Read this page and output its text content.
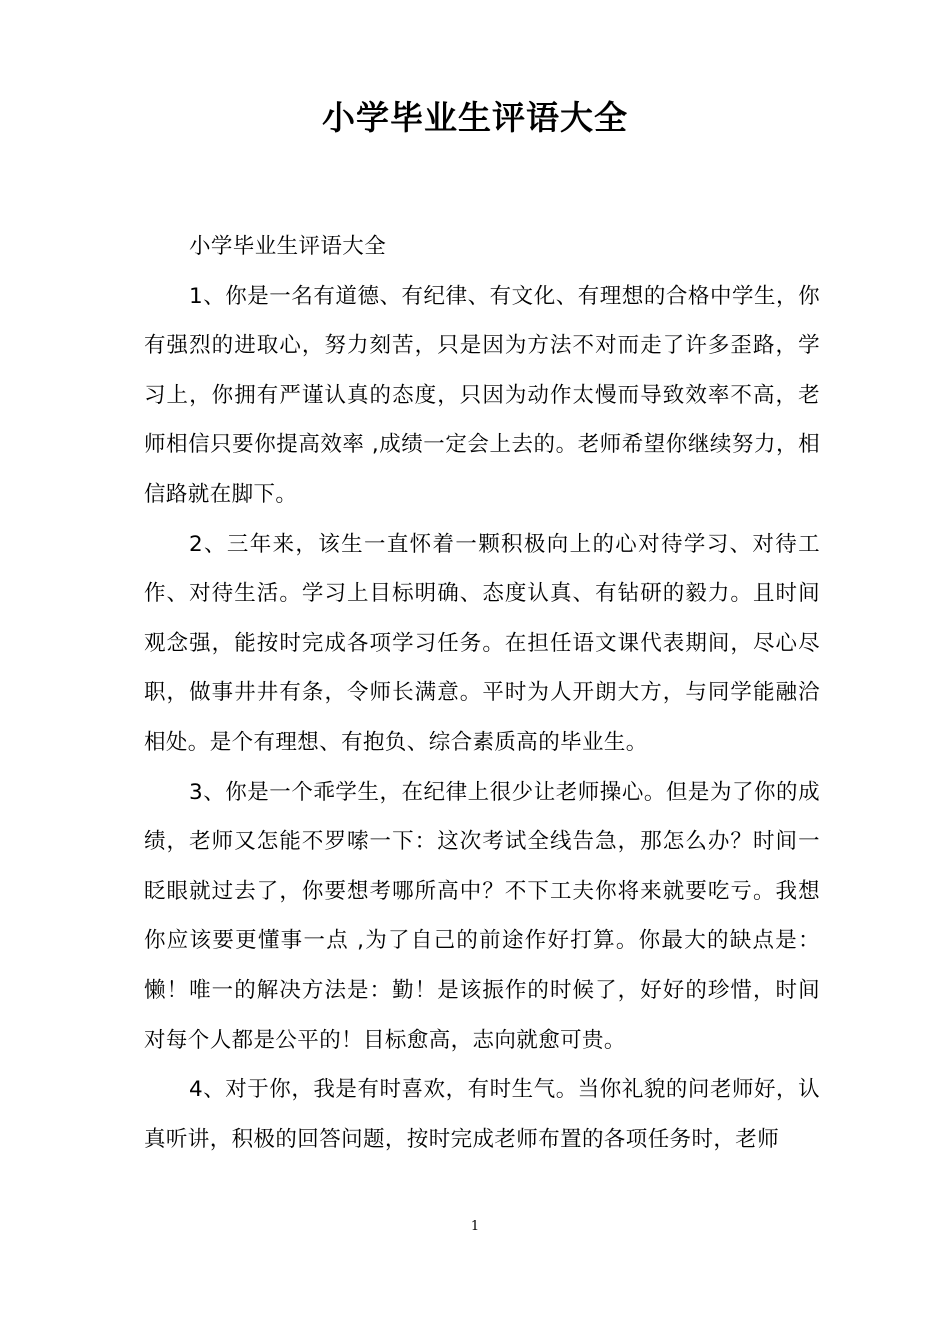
小学毕业生评语大全

小学毕业生评语大全

1、你是一名有道德、有纪律、有文化、有理想的合格中学生，你有强烈的进取心，努力刻苦，只是因为方法不对而走了许多歪路，学习上，你拥有严谨认真的态度，只因为动作太慢而导致效率不高，老师相信只要你提高效率 ,成绩一定会上去的。老师希望你继续努力，相信路就在脚下。

2、三年来，该生一直怀着一颗积极向上的心对待学习、对待工作、对待生活。学习上目标明确、态度认真、有钻研的毅力。且时间观念强，能按时完成各项学习任务。在担任语文课代表期间，尽心尽职，做事井井有条，令师长满意。平时为人开朗大方，与同学能融洽相处。是个有理想、有抱负、综合素质高的毕业生。

3、你是一个乖学生，在纪律上很少让老师操心。但是为了你的成绩，老师又怎能不罗嗦一下：这次考试全线告急，那怎么办？时间一眨眼就过去了，你要想考哪所高中？不下工夫你将来就要吃亏。我想你应该要更懂事一点 ,为了自己的前途作好打算。你最大的缺点是：懒！唯一的解决方法是：勤！是该振作的时候了，好好的珍惜，时间对每个人都是公平的！目标愈高，志向就愈可贵。

4、对于你，我是有时喜欢，有时生气。当你礼貌的问老师好，认真听讲，积极的回答问题，按时完成老师布置的各项任务时，老师

1
